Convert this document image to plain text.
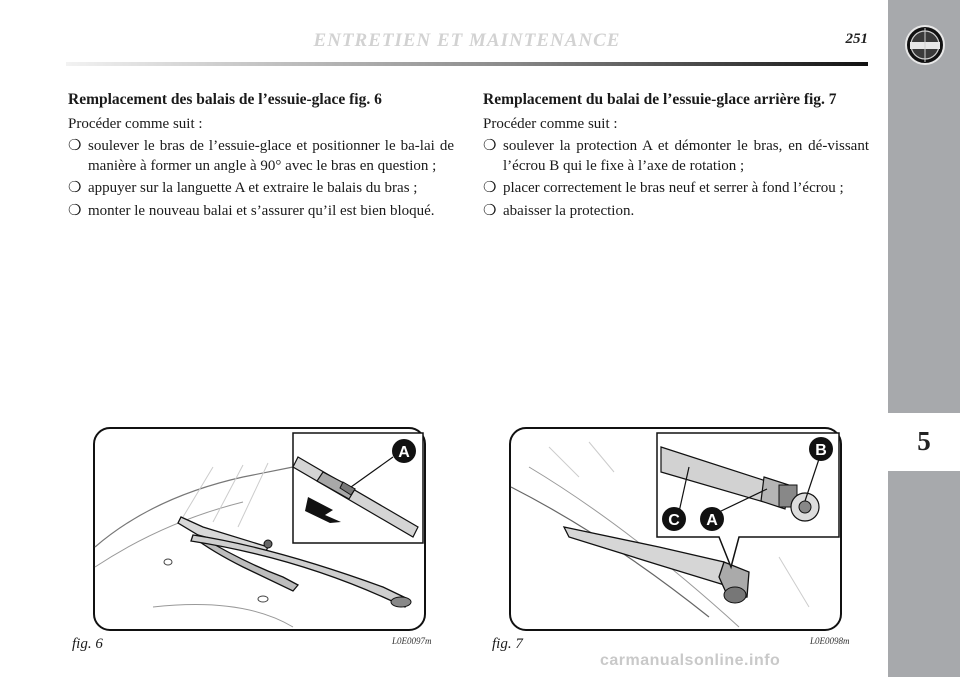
ENTRETIEN ET MAINTENANCE	251
5
Remplacement des balais de l’essuie-glace fig. 6

Procéder comme suit :

❍ soulever le bras de l’essuie-glace et positionner le ba-lai de manière à former un angle à 90° avec le bras en question ;
❍ appuyer sur la languette A et extraire le balais du bras ;
❍ monter le nouveau balai et s’assurer qu’il est bien bloqué.
Remplacement du balai de l’essuie-glace arrière fig. 7

Procéder comme suit :

❍ soulever la protection A et démonter le bras, en dé-vissant l’écrou B qui le fixe à l’axe de rotation ;
❍ placer correctement le bras neuf et serrer à fond l’écrou ;
❍ abaisser la protection.
A
fig. 6	L0E0097m
B
C A
fig. 7	L0E0098m
carmanualsonline.info
